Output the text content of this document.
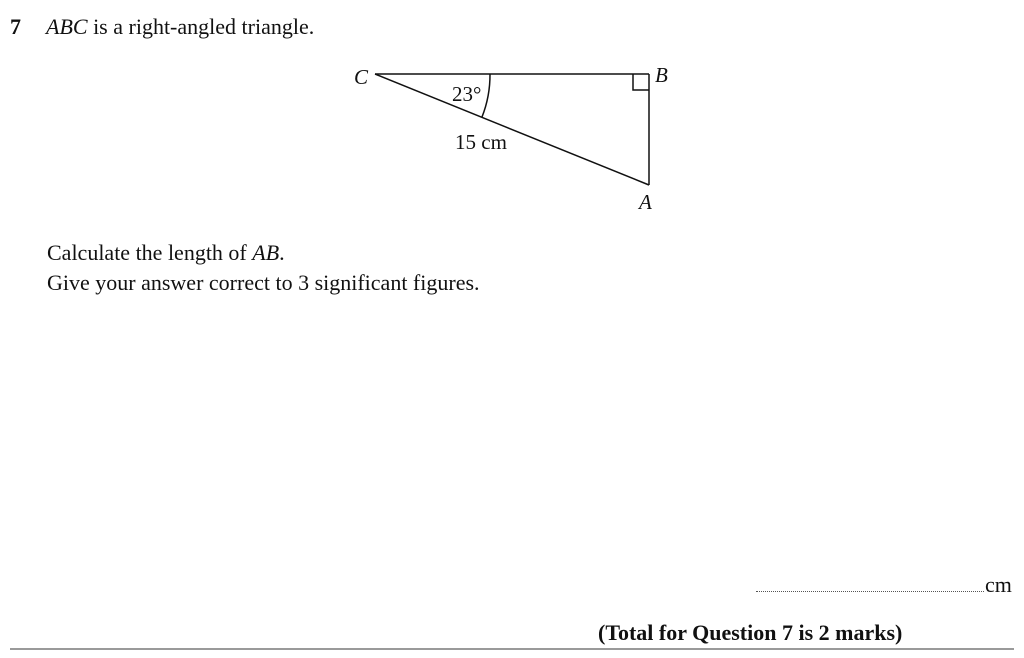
7 ABC is a right-angled triangle.
C	B
A
23°
15 cm
Calculate the length of AB.
Give your answer correct to 3 significant figures.
cm
(Total for Question 7 is 2 marks)
